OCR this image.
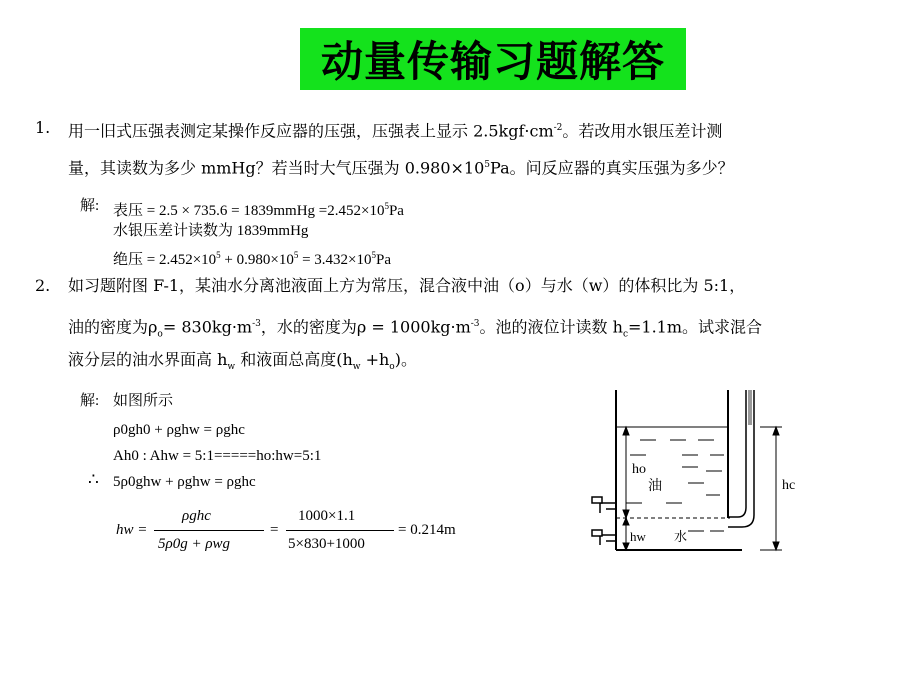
动量传输习题解答
1. 用一旧式压强表测定某操作反应器的压强，压强表上显示 $2.5kgf\cdot cm^{-2}$。若改用水银压差计测
量，其读数为多少 mmHg？若当时大气压强为 $0.980\times 10^5Pa$。问反应器的真实压强为多少？
解: 表压 = 2.5 × 735.6 = 1839mmHg $=2.452\times 10^5Pa$
水银压差计读数为 1839mmHg
绝压 = $2.452\times 10^5 + 0.980\times 10^5 = 3.432\times 10^5Pa$
2. 如习题附图 F-1，某油水分离池液面上方为常压，混合液中油（o）与水（w）的体积比为 5:1，
油的密度为$\rho_o= 830kg\cdot m^{-3}$，水的密度为$\rho = 1000kg\cdot m^{-3}$。池的液位计读数 $h_c=1.1m$。试求混合
液分层的油水界面高 $h_w$ 和液面总高度$(h_w +h_o)$。
解: 如图所示
ρ0gh0 + ρghw = ρghc
Ah0 : Ahw = 5:1=====ho:hw=5:1
∴ 5ρ0ghw + ρghw = ρghc
hw =
ρghc
5ρ0g + ρwg
=
1000×1.1
5×830+1000
= 0.214m
ho
油
hw 水
hc
